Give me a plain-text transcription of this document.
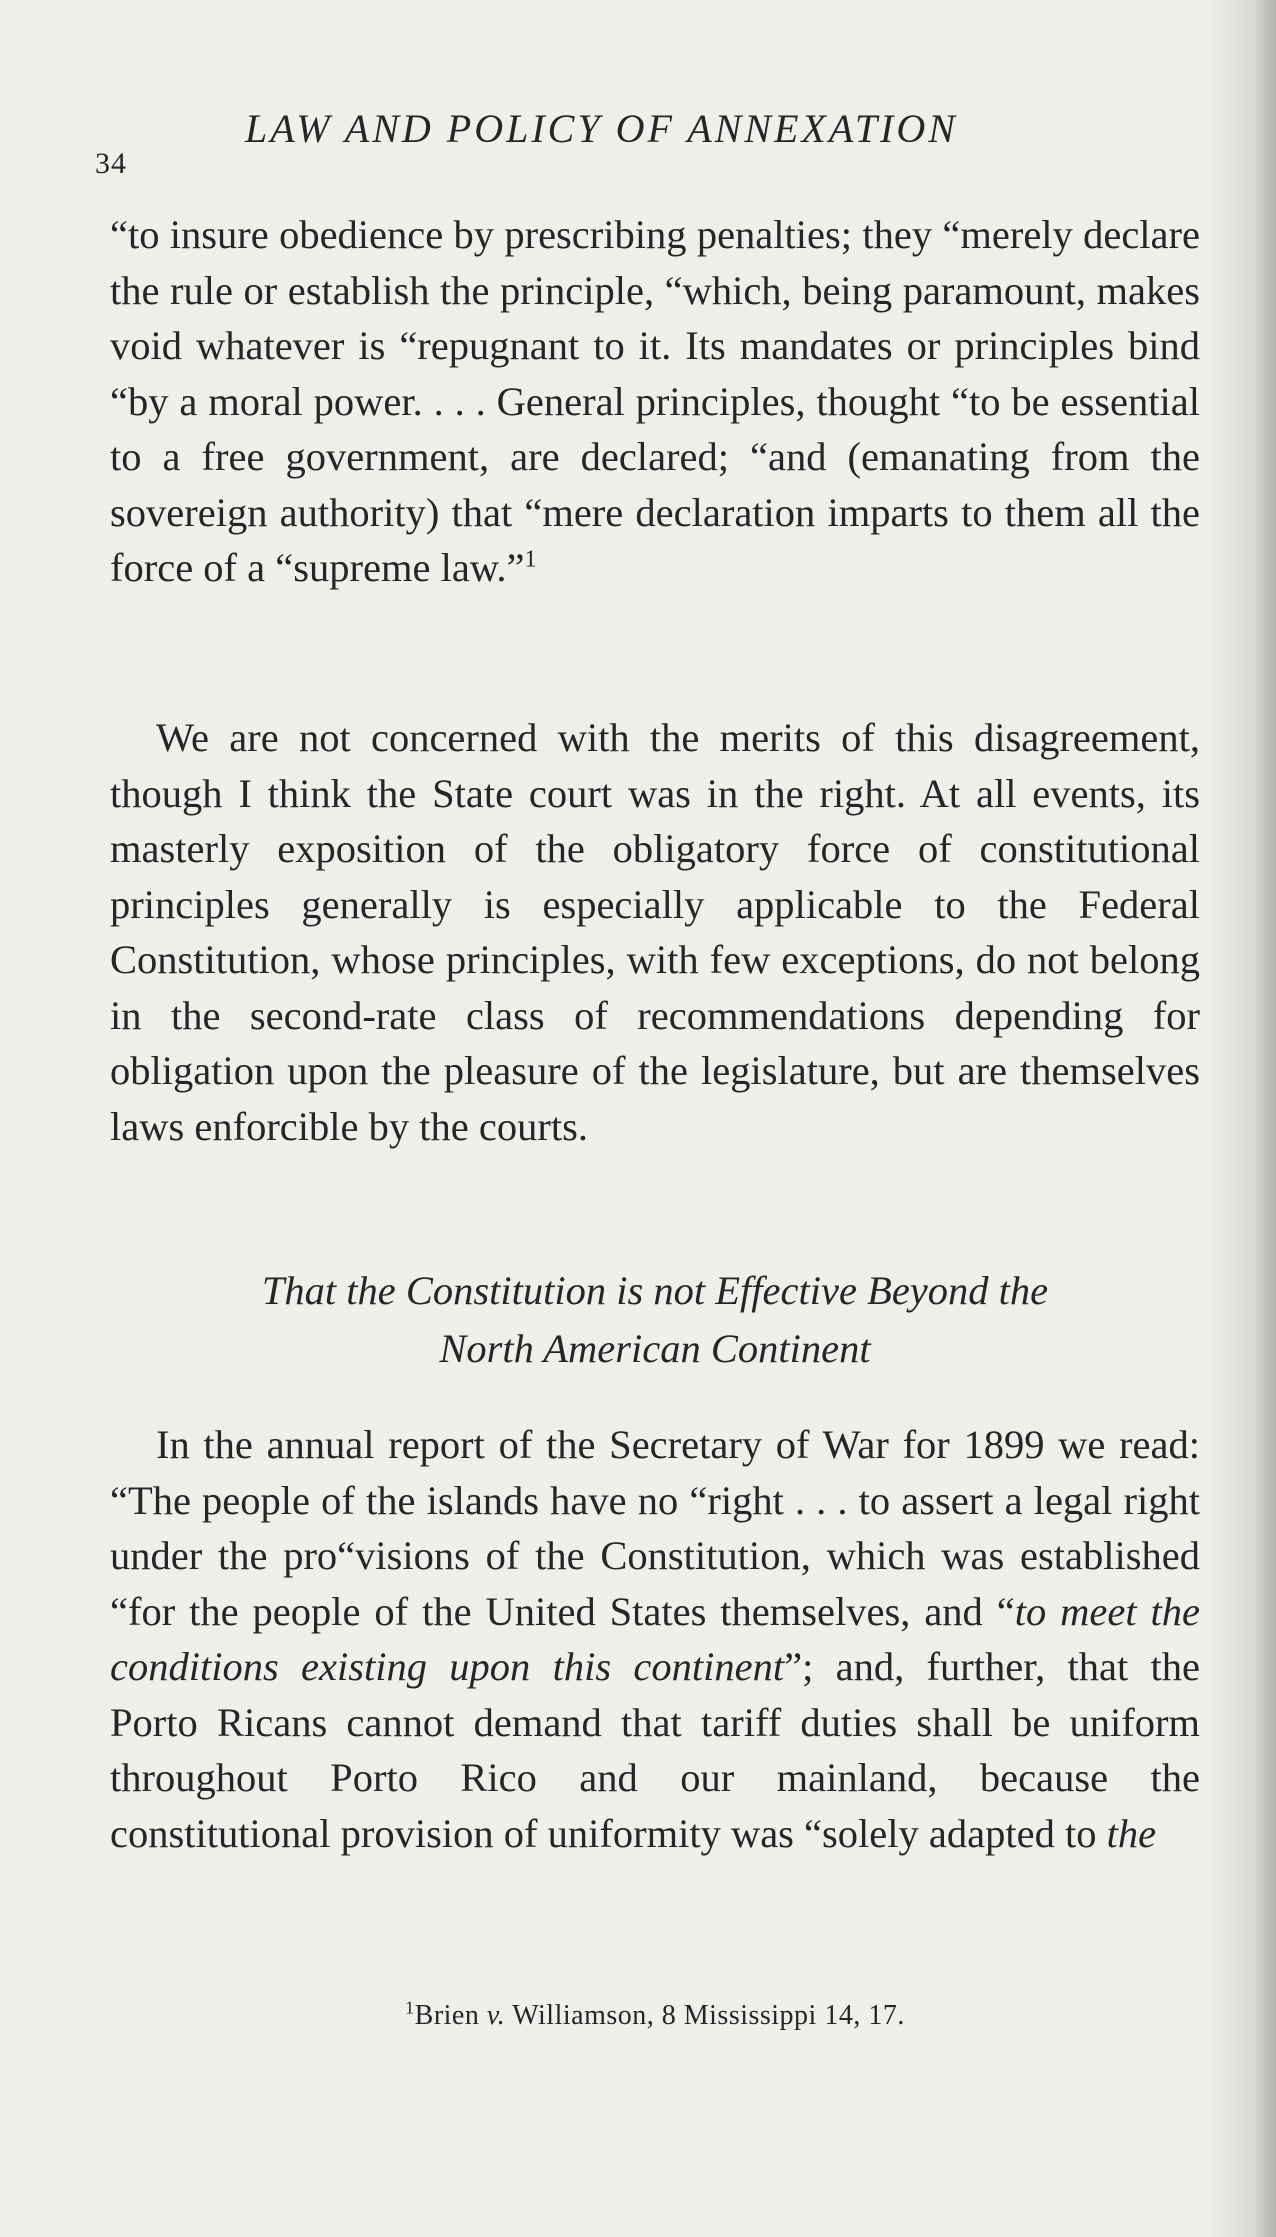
34
LAW AND POLICY OF ANNEXATION

“to insure obedience by prescribing penalties; they “merely declare the rule or establish the principle, “which, being paramount, makes void whatever is “repugnant to it. Its mandates or principles bind “by a moral power. . . . General principles, thought “to be essential to a free government, are declared; “and (emanating from the sovereign authority) that “mere declaration imparts to them all the force of a “supreme law.”$^1$

We are not concerned with the merits of this disagreement, though I think the State court was in the right. At all events, its masterly exposition of the obligatory force of constitutional principles generally is especially applicable to the Federal Constitution, whose principles, with few exceptions, do not belong in the second-rate class of recommendations depending for obligation upon the pleasure of the legislature, but are themselves laws enforcible by the courts.

That the Constitution is not Effective Beyond the
North American Continent

In the annual report of the Secretary of War for 1899 we read: “The people of the islands have no “right . . . to assert a legal right under the pro“visions of the Constitution, which was established “for the people of the United States themselves, and “to meet the conditions existing upon this continent”; and, further, that the Porto Ricans cannot demand that tariff duties shall be uniform throughout Porto Rico and our mainland, because the constitutional provision of uniformity was “solely adapted to the

$^1$Brien v. Williamson, 8 Mississippi 14, 17.
